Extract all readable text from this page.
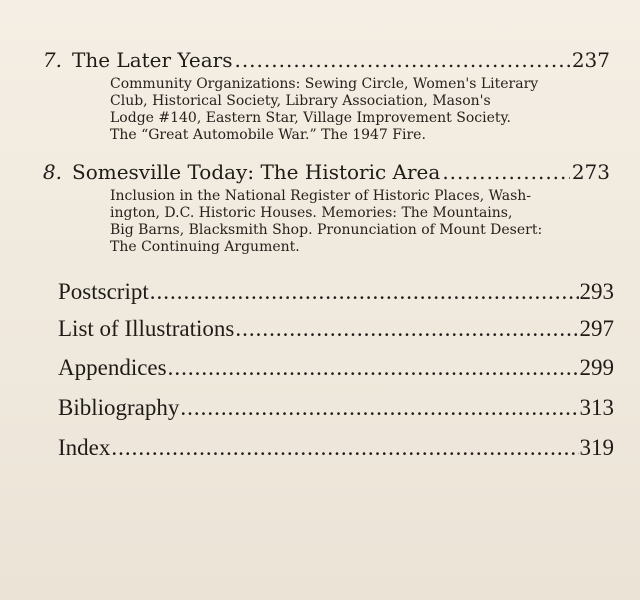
7. The Later Years .....	237
Community Organizations: Sewing Circle, Women's Literary
Club, Historical Society, Library Association, Mason's
Lodge #140, Eastern Star, Village Improvement Society.
The “Great Automobile War.” The 1947 Fire.
8. Somesville Today: The Historic Area .....	273
Inclusion in the National Register of Historic Places, Wash-
ington, D.C. Historic Houses. Memories: The Mountains,
Big Barns, Blacksmith Shop. Pronunciation of Mount Desert:
The Continuing Argument.
Postscript .....	293
List of Illustrations .....	297
Appendices .....	299
Bibliography .....	313
Index .....	319
